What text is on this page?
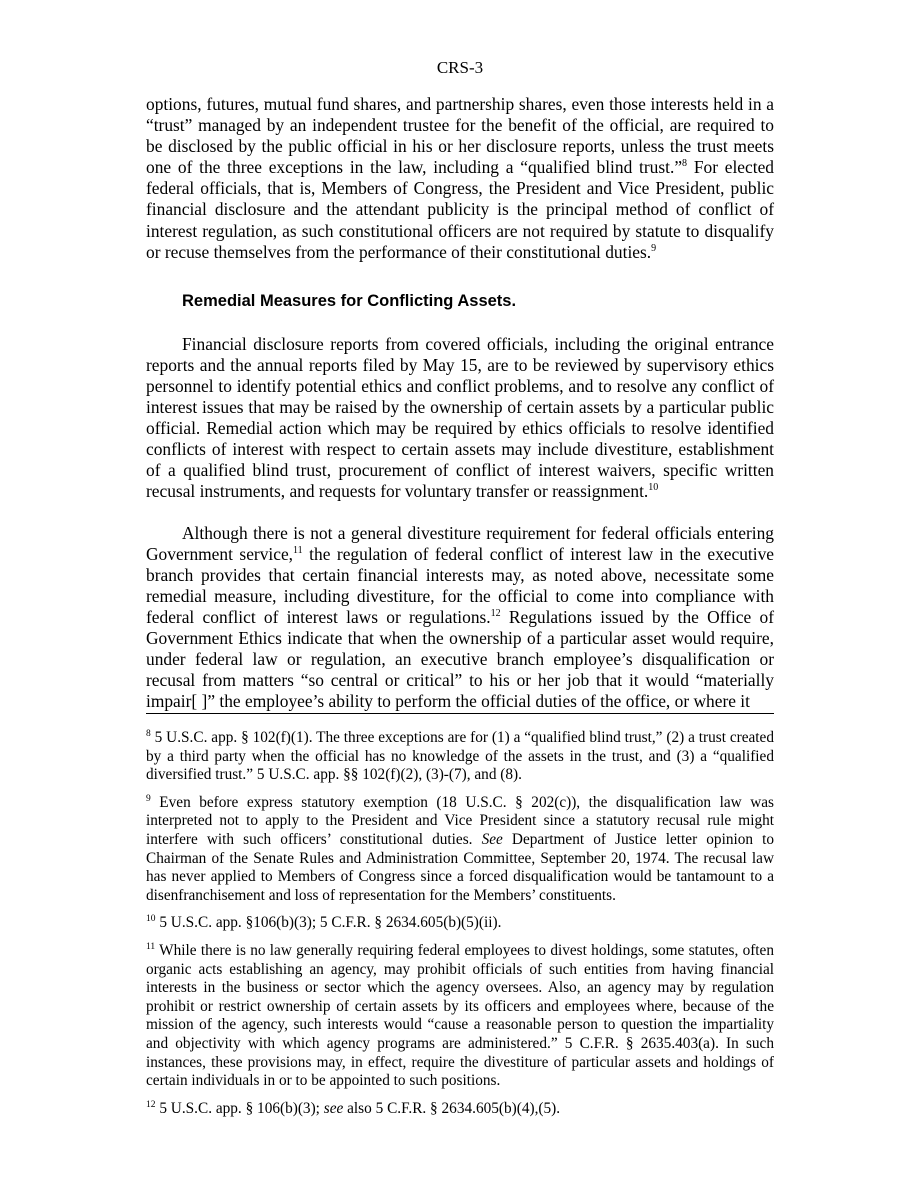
CRS-3

options, futures, mutual fund shares, and partnership shares, even those interests held in a “trust” managed by an independent trustee for the benefit of the official, are required to be disclosed by the public official in his or her disclosure reports, unless the trust meets one of the three exceptions in the law, including a “qualified blind trust.”$^8$ For elected federal officials, that is, Members of Congress, the President and Vice President, public financial disclosure and the attendant publicity is the principal method of conflict of interest regulation, as such constitutional officers are not required by statute to disqualify or recuse themselves from the performance of their constitutional duties.$^9$

Remedial Measures for Conflicting Assets.

Financial disclosure reports from covered officials, including the original entrance reports and the annual reports filed by May 15, are to be reviewed by supervisory ethics personnel to identify potential ethics and conflict problems, and to resolve any conflict of interest issues that may be raised by the ownership of certain assets by a particular public official. Remedial action which may be required by ethics officials to resolve identified conflicts of interest with respect to certain assets may include divestiture, establishment of a qualified blind trust, procurement of conflict of interest waivers, specific written recusal instruments, and requests for voluntary transfer or reassignment.$^{10}$

Although there is not a general divestiture requirement for federal officials entering Government service,$^{11}$ the regulation of federal conflict of interest law in the executive branch provides that certain financial interests may, as noted above, necessitate some remedial measure, including divestiture, for the official to come into compliance with federal conflict of interest laws or regulations.$^{12}$ Regulations issued by the Office of Government Ethics indicate that when the ownership of a particular asset would require, under federal law or regulation, an executive branch employee’s disqualification or recusal from matters “so central or critical” to his or her job that it would “materially impair[ ]” the employee’s ability to perform the official duties of the office, or where it

$^8$ 5 U.S.C. app. § 102(f)(1). The three exceptions are for (1) a “qualified blind trust,” (2) a trust created by a third party when the official has no knowledge of the assets in the trust, and (3) a “qualified diversified trust.” 5 U.S.C. app. §§ 102(f)(2), (3)-(7), and (8).

$^9$ Even before express statutory exemption (18 U.S.C. § 202(c)), the disqualification law was interpreted not to apply to the President and Vice President since a statutory recusal rule might interfere with such officers’ constitutional duties. See Department of Justice letter opinion to Chairman of the Senate Rules and Administration Committee, September 20, 1974. The recusal law has never applied to Members of Congress since a forced disqualification would be tantamount to a disenfranchisement and loss of representation for the Members’ constituents.

$^{10}$ 5 U.S.C. app. §106(b)(3); 5 C.F.R. § 2634.605(b)(5)(ii).

$^{11}$ While there is no law generally requiring federal employees to divest holdings, some statutes, often organic acts establishing an agency, may prohibit officials of such entities from having financial interests in the business or sector which the agency oversees. Also, an agency may by regulation prohibit or restrict ownership of certain assets by its officers and employees where, because of the mission of the agency, such interests would “cause a reasonable person to question the impartiality and objectivity with which agency programs are administered.” 5 C.F.R. § 2635.403(a). In such instances, these provisions may, in effect, require the divestiture of particular assets and holdings of certain individuals in or to be appointed to such positions.

$^{12}$ 5 U.S.C. app. § 106(b)(3); see also 5 C.F.R. § 2634.605(b)(4),(5).
